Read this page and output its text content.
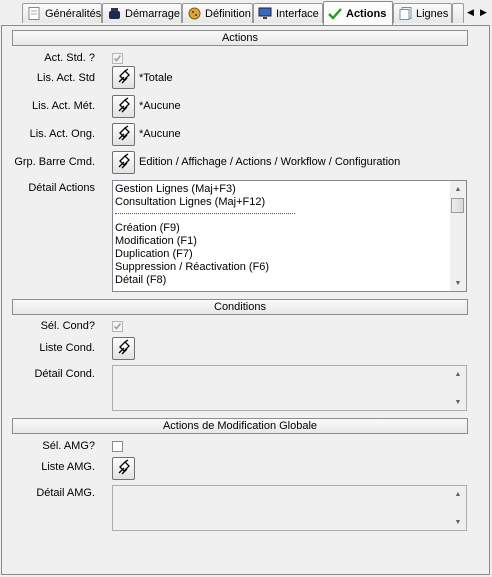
Généralités Démarrage Définition Interface Actions	Lignes	◀ ▶
Actions
Act. Std. ?
Lis. Act. Std	*Totale
Lis. Act. Mét.	*Aucune
Lis. Act. Ong.	*Aucune
Grp. Barre Cmd.	Edition / Affichage / Actions / Workflow / Configuration
Détail Actions Gestion Lignes (Maj+F3)
Consultation Lignes (Maj+F12)
Création (F9)
Modification (F1)
Duplication (F7)
Suppression / Réactivation (F6)
Détail (F8)
▲
▼
Conditions
Sél. Cond?
Liste Cond.
Détail Cond.	▲
▼
Actions de Modification Globale
Sél. AMG?
Liste AMG.
Détail AMG.	▲
▼
